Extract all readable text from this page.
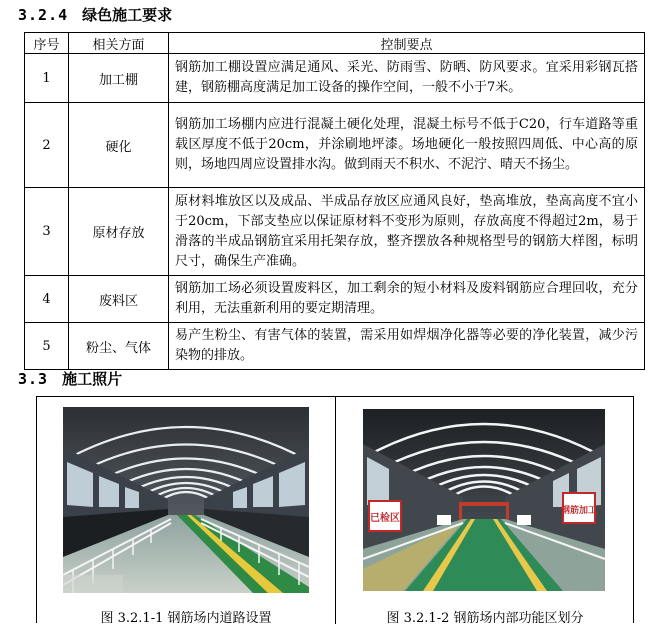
3.2.4 绿色施工要求
序号	相关方面	控制要点
1	加工棚	钢筋加工棚设置应满足通风、采光、防雨雪、防晒、防风要求。宜采用彩钢瓦搭建，钢筋棚高度满足加工设备的操作空间，一般不小于7米。
2	硬化	钢筋加工场棚内应进行混凝土硬化处理，混凝土标号不低于C20，行车道路等重载区厚度不低于20cm，并涂刷地坪漆。场地硬化一般按照四周低、中心高的原则，场地四周应设置排水沟。做到雨天不积水、不泥泞、晴天不扬尘。
3	原材存放	原材料堆放区以及成品、半成品存放区应通风良好，垫高堆放，垫高高度不宜小于20cm，下部支垫应以保证原材料不变形为原则，存放高度不得超过2m，易于滑落的半成品钢筋宜采用托架存放，整齐摆放各种规格型号的钢筋大样图，标明尺寸，确保生产准确。
4	废料区	钢筋加工场必须设置废料区，加工剩余的短小材料及废料钢筋应合理回收，充分利用，无法重新利用的要定期清理。
5	粉尘、气体	易产生粉尘、有害气体的装置，需采用如焊烟净化器等必要的净化装置，减少污染物的排放。
3.3 施工照片
已检区
钢筋加工
图 3.2.1-1 钢筋场内道路设置	图 3.2.1-2 钢筋场内部功能区划分
